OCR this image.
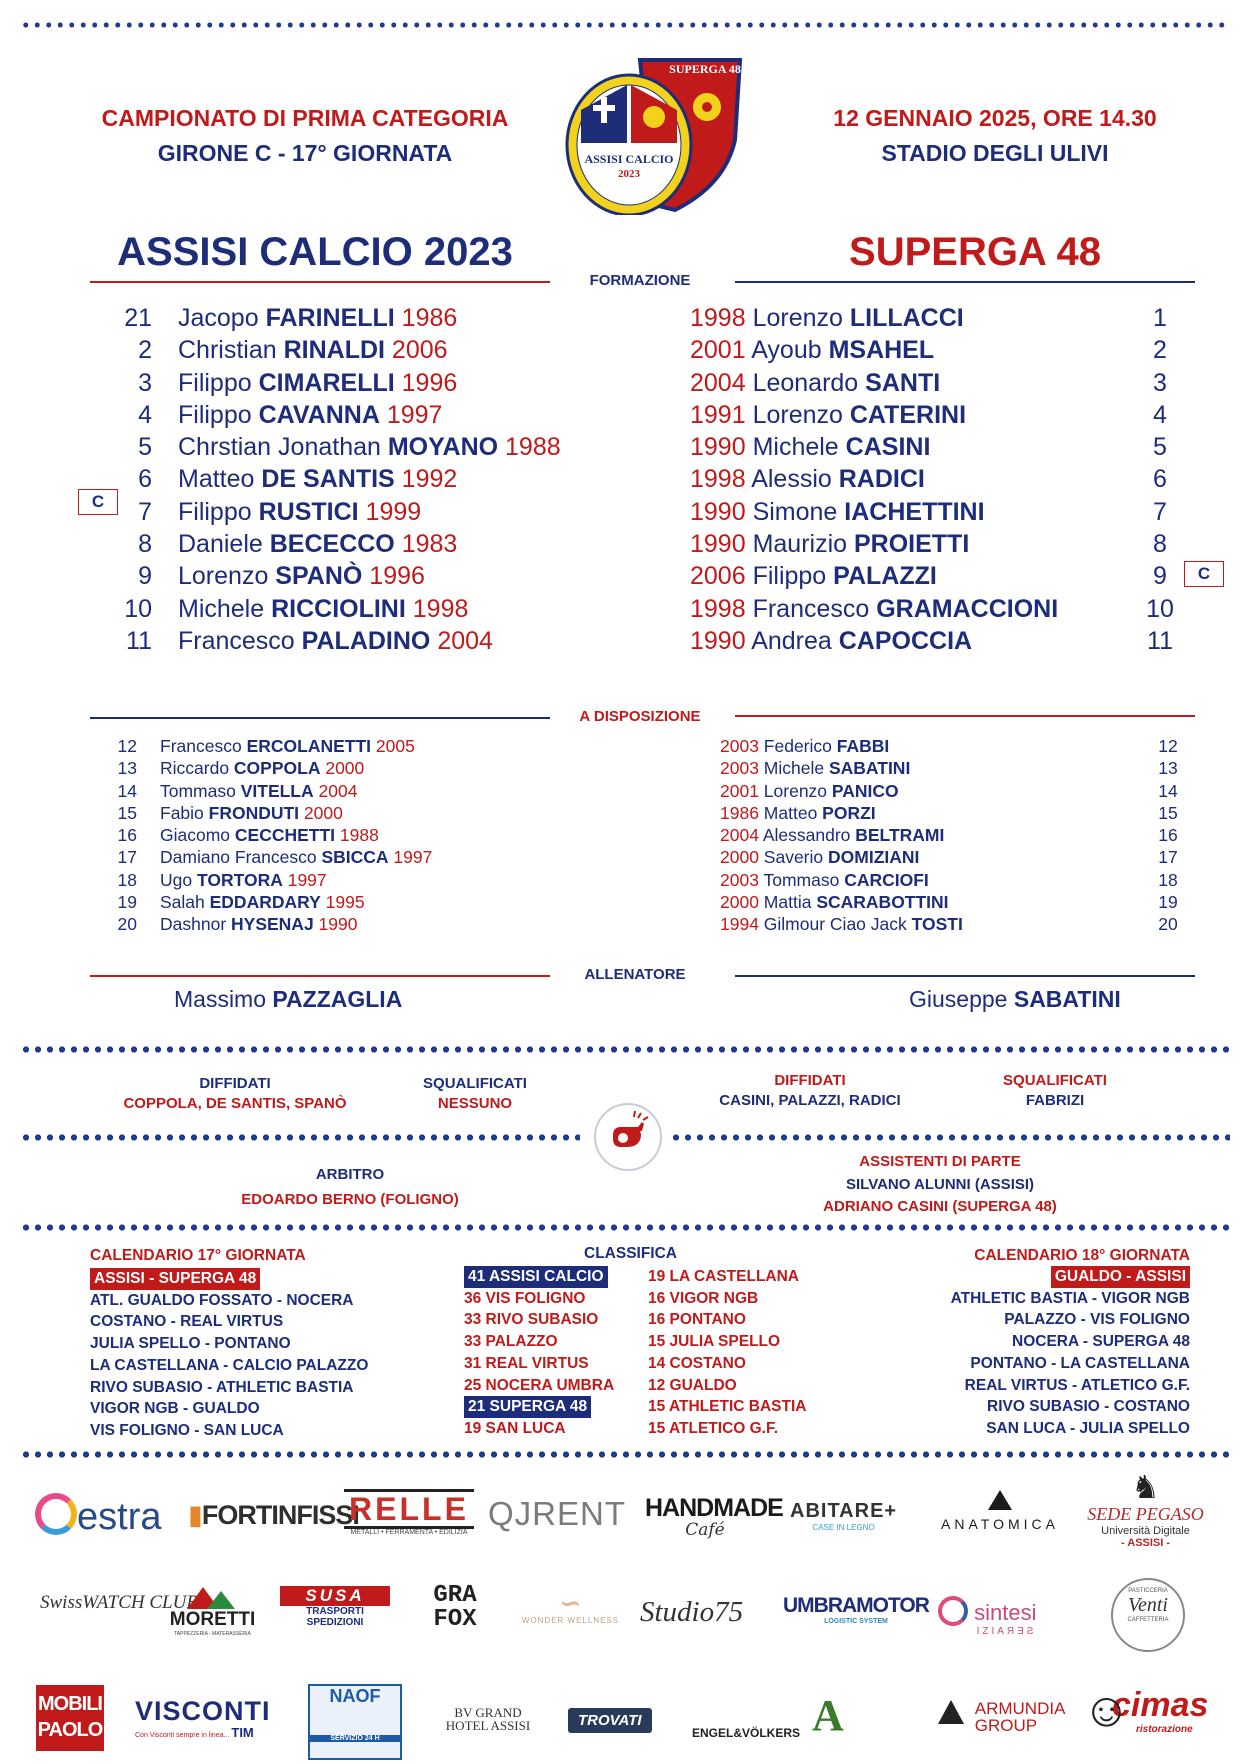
CAMPIONATO DI PRIMA CATEGORIA
GIRONE C - 17° GIORNATA
12 GENNAIO 2025, ORE 14.30
STADIO DEGLI ULIVI
SUPERGA 48
ASSISI CALCIO
2023
ASSISI CALCIO 2023	SUPERGA 48
FORMAZIONE
21 Jacopo FARINELLI 1986
2 Christian RINALDI 2006
3 Filippo CIMARELLI 1996
4 Filippo CAVANNA 1997
5 Chrstian Jonathan MOYANO 1988
6 Matteo DE SANTIS 1992
7 Filippo RUSTICI 1999
8 Daniele BECECCO 1983
9 Lorenzo SPANÒ 1996
10 Michele RICCIOLINI 1998
11 Francesco PALADINO 2004
1998 Lorenzo LILLACCI	1
2001 Ayoub MSAHEL	2
2004 Leonardo SANTI	3
1991 Lorenzo CATERINI	4
1990 Michele CASINI	5
1998 Alessio RADICI	6
1990 Simone IACHETTINI	7
1990 Maurizio PROIETTI	8
2006 Filippo PALAZZI	9
1998 Francesco GRAMACCIONI	10
1990 Andrea CAPOCCIA	11
C
C
A DISPOSIZIONE
12 Francesco ERCOLANETTI 2005
13 Riccardo COPPOLA 2000
14 Tommaso VITELLA 2004
15 Fabio FRONDUTI 2000
16 Giacomo CECCHETTI 1988
17 Damiano Francesco SBICCA 1997
18 Ugo TORTORA 1997
19 Salah EDDARDARY 1995
20 Dashnor HYSENAJ 1990
2003 Federico FABBI	12
2003 Michele SABATINI	13
2001 Lorenzo PANICO	14
1986 Matteo PORZI	15
2004 Alessandro BELTRAMI	16
2000 Saverio DOMIZIANI	17
2003 Tommaso CARCIOFI	18
2000 Mattia SCARABOTTINI	19
1994 Gilmour Ciao Jack TOSTI	20
ALLENATORE
Massimo PAZZAGLIA	Giuseppe SABATINI
DIFFIDATI
COPPOLA, DE SANTIS, SPANÒ
SQUALIFICATI
NESSUNO
DIFFIDATI
CASINI, PALAZZI, RADICI
SQUALIFICATI
FABRIZI
ARBITRO
EDOARDO BERNO (FOLIGNO)
ASSISTENTI DI PARTE
SILVANO ALUNNI (ASSISI)
ADRIANO CASINI (SUPERGA 48)
CALENDARIO 17° GIORNATA
ASSISI - SUPERGA 48
ATL. GUALDO FOSSATO - NOCERA
COSTANO - REAL VIRTUS
JULIA SPELLO - PONTANO
LA CASTELLANA - CALCIO PALAZZO
RIVO SUBASIO - ATHLETIC BASTIA
VIGOR NGB - GUALDO
VIS FOLIGNO - SAN LUCA
CLASSIFICA
41 ASSISI CALCIO
36 VIS FOLIGNO
33 RIVO SUBASIO
33 PALAZZO
31 REAL VIRTUS
25 NOCERA UMBRA
21 SUPERGA 48
19 SAN LUCA
19 LA CASTELLANA
16 VIGOR NGB
16 PONTANO
15 JULIA SPELLO
14 COSTANO
12 GUALDO
15 ATHLETIC BASTIA
15 ATLETICO G.F.
CALENDARIO 18° GIORNATA
GUALDO - ASSISI
ATHLETIC BASTIA - VIGOR NGB
PALAZZO - VIS FOLIGNO
NOCERA - SUPERGA 48
PONTANO - LA CASTELLANA
REAL VIRTUS - ATLETICO G.F.
RIVO SUBASIO - COSTANO
SAN LUCA - JULIA SPELLO
estra ▮FORTINFISSI
RELLE
METALLI • FERRAMENTA • EDILIZIA
QJRENT HANDMADE
Café
ABITARE+
CASE IN LEGNO	ANATOMICA
♞
SEDE PEGASO
Università Digitale
- ASSISI -
SwissWATCH CLUB
MORETTI
TAPPEZZERIA - MATERASSERIA
SUSA
TRASPORTI SPEDIZIONI
GRA FOX
∽
WONDER WELLNESS Studio75 UMBRAMOTOR
LOGISTIC SYSTEM	sintesi
IZIAЯƎƧ
PASTICCERIA
Venti
CAFFETTERIA
MOBILI PAOLO
VISCONTI
Con Visconti sempre in linea... TIM
NAOF
SERVIZIO 24 H
BV GRAND HOTEL ASSISI	TROVATI
ENGEL&VÖLKERS A	ARMUNDIA GROUP ☺
cimas
ristorazione
